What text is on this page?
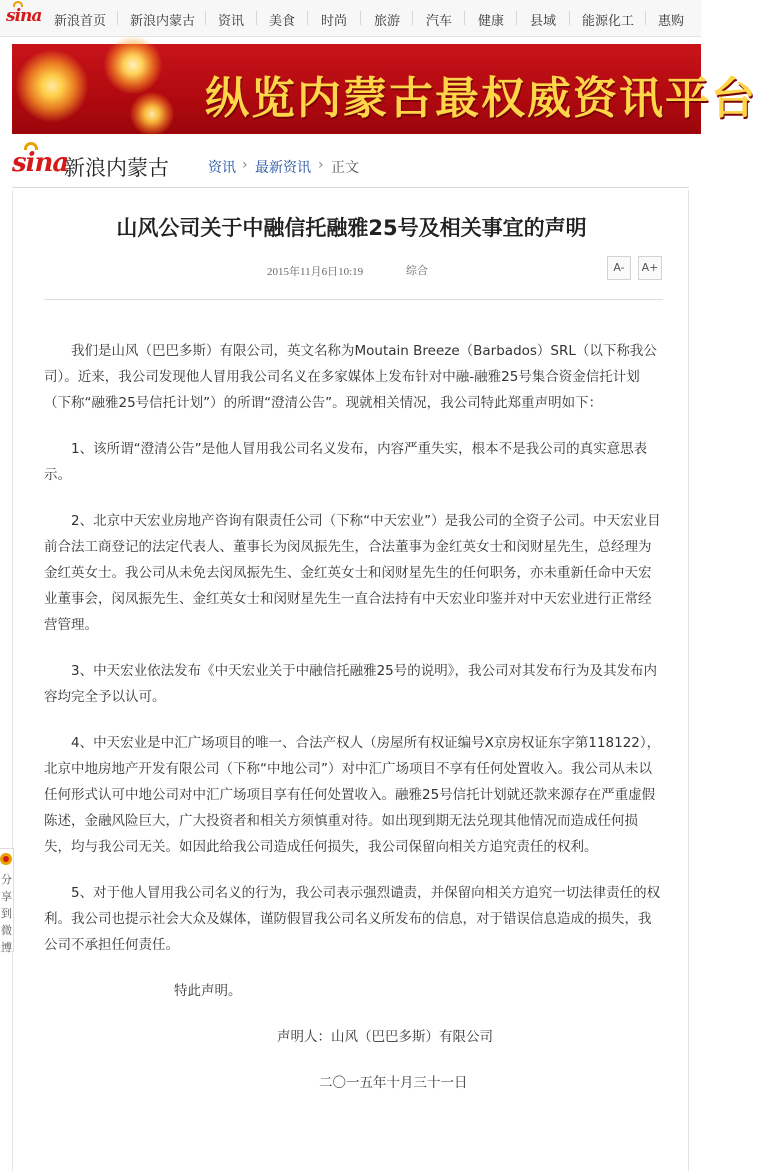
sina 新浪首页 新浪内蒙古 资讯 美食 时尚 旅游 汽车 健康 县域 能源化工 惠购
纵览内蒙古最权威资讯平台
sina
新浪内蒙古	资讯 › 最新资讯 › 正文
山风公司关于中融信托融雅25号及相关事宜的声明
2015年11月6日10:19	综合	A-	A+

我们是山风（巴巴多斯）有限公司，英文名称为Moutain Breeze（Barbados）SRL（以下称我公司）。近来，我公司发现他人冒用我公司名义在多家媒体上发布针对中融-融雅25号集合资金信托计划（下称“融雅25号信托计划”）的所谓“澄清公告”。现就相关情况，我公司特此郑重声明如下：

1、该所谓“澄清公告”是他人冒用我公司名义发布，内容严重失实，根本不是我公司的真实意思表示。

2、北京中天宏业房地产咨询有限责任公司（下称“中天宏业”）是我公司的全资子公司。中天宏业目前合法工商登记的法定代表人、董事长为闵凤振先生，合法董事为金红英女士和闵财星先生，总经理为金红英女士。我公司从未免去闵凤振先生、金红英女士和闵财星先生的任何职务，亦未重新任命中天宏业董事会，闵凤振先生、金红英女士和闵财星先生一直合法持有中天宏业印鉴并对中天宏业进行正常经营管理。

3、中天宏业依法发布《中天宏业关于中融信托融雅25号的说明》，我公司对其发布行为及其发布内容均完全予以认可。

4、中天宏业是中汇广场项目的唯一、合法产权人（房屋所有权证编号X京房权证东字第118122），北京中地房地产开发有限公司（下称“中地公司”）对中汇广场项目不享有任何处置收入。我公司从未以任何形式认可中地公司对中汇广场项目享有任何处置收入。融雅25号信托计划就还款来源存在严重虚假陈述，金融风险巨大，广大投资者和相关方须慎重对待。如出现到期无法兑现其他情况而造成任何损失，均与我公司无关。如因此给我公司造成任何损失，我公司保留向相关方追究责任的权利。

5、对于他人冒用我公司名义的行为，我公司表示强烈谴责，并保留向相关方追究一切法律责任的权利。我公司也提示社会大众及媒体，谨防假冒我公司名义所发布的信息，对于错误信息造成的损失，我公司不承担任何责任。

特此声明。

声明人：山风（巴巴多斯）有限公司

二〇一五年十月三十一日

分享到微博
